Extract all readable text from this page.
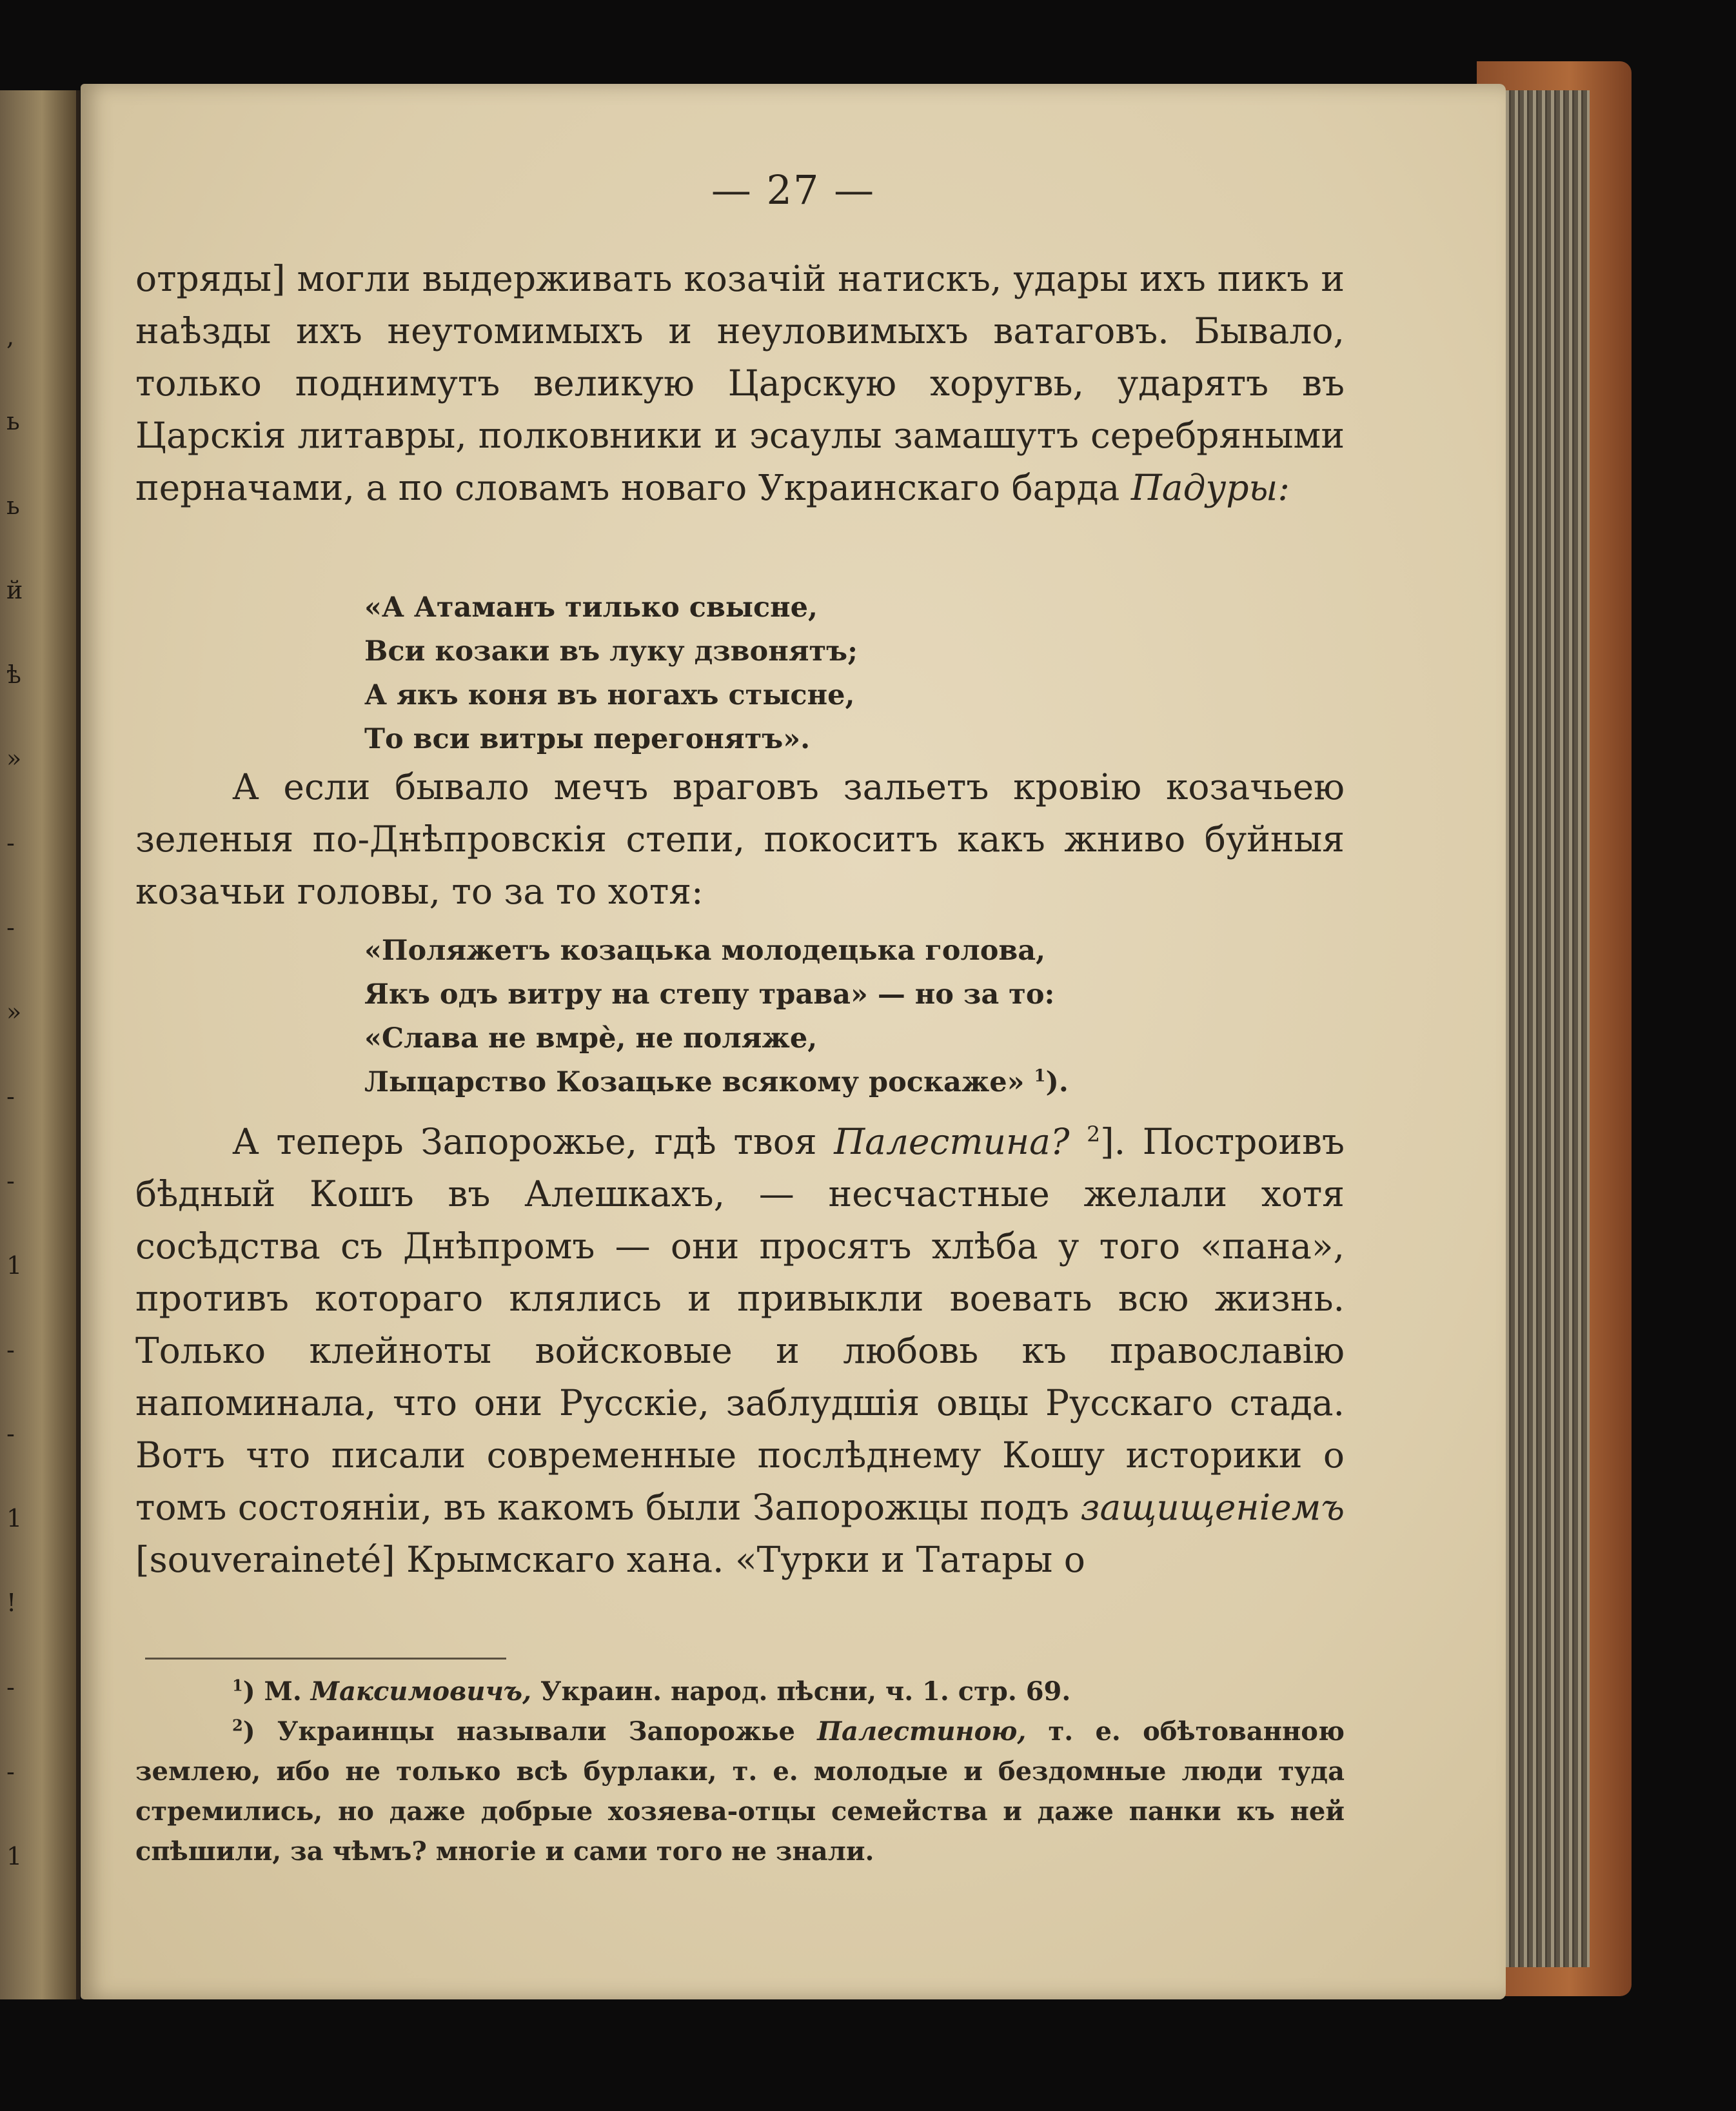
,
ь
ь
й
ѣ
»
-
-
»
-
-
1
-
-
1
!
-
-
1
— 27 —

отряды] могли выдерживать козачій натискъ, удары ихъ пикъ и наѣзды ихъ неутомимыхъ и неуловимыхъ ватаговъ. Бывало, только поднимутъ великую Царскую хоругвь, ударятъ въ Царскія литавры, полковники и эсаулы замашутъ серебряными перначами, а по словамъ новаго Украинскаго барда Падуры:

«А Атаманъ тилько свысне,
Вси козаки въ луку дзвонятъ;
А якъ коня въ ногахъ стысне,
То вси витры перегонятъ».

А если бывало мечъ враговъ зальетъ кровію козачьею зеленыя по-Днѣпровскія степи, покоситъ какъ жниво буйныя козачьи головы, то за то хотя:

«Поляжетъ козацька молодецька голова,
Якъ одъ витру на степу трава» — но за то:
«Слава не вмрè, не поляже,
Лыцарство Козацьке всякому роскаже» $^1$).

А теперь Запорожье, гдѣ твоя Палестина? $^2$]. Построивъ бѣдный Кошъ въ Алешкахъ, — несчастные желали хотя сосѣдства съ Днѣпромъ — они просятъ хлѣба у того «пана», противъ котораго клялись и привыкли воевать всю жизнь. Только клейноты войсковые и любовь къ православію напоминала, что они Русскіе, заблудшія овцы Русскаго стада. Вотъ что писали современные послѣднему Кошу историки о томъ состояніи, въ какомъ были Запорожцы подъ защищеніемъ [souveraineté] Крымскаго хана. «Турки и Татары о

$^1$) М. Максимовичъ, Украин. народ. пѣсни, ч. 1. стр. 69.

$^2$) Украинцы называли Запорожье Палестиною, т. е. обѣтованною землею, ибо не только всѣ бурлаки, т. е. молодые и бездомные люди туда стремились, но даже добрые хозяева-отцы семейства и даже панки къ ней спѣшили, за чѣмъ? многіе и сами того не знали.
